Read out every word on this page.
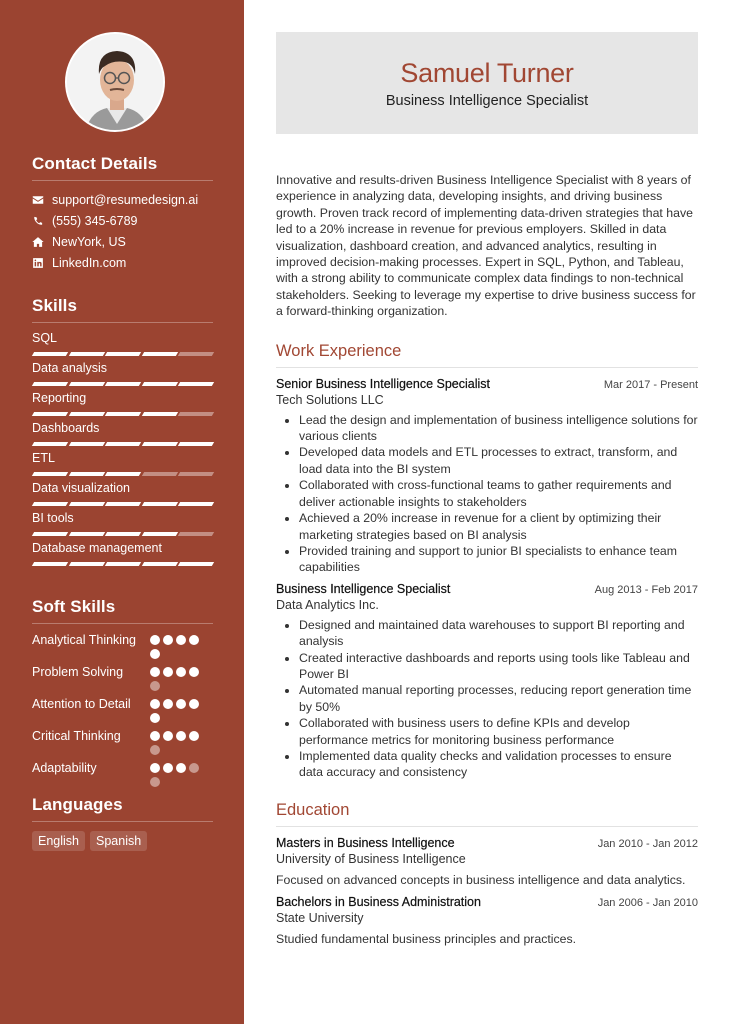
Contact Details
support@resumedesign.ai
(555) 345-6789
NewYork, US
LinkedIn.com
Skills
SQL
Data analysis
Reporting
Dashboards
ETL
Data visualization
BI tools
Database management
Soft Skills
Analytical Thinking
Problem Solving
Attention to Detail
Critical Thinking
Adaptability
Languages
English	Spanish
Samuel Turner
Business Intelligence Specialist

Innovative and results-driven Business Intelligence Specialist with 8 years of experience in analyzing data, developing insights, and driving business growth. Proven track record of implementing data-driven strategies that have led to a 20% increase in revenue for previous employers. Skilled in data visualization, dashboard creation, and advanced analytics, resulting in improved decision-making processes. Expert in SQL, Python, and Tableau, with a strong ability to communicate complex data findings to non-technical stakeholders. Seeking to leverage my expertise to drive business success for a forward-thinking organization.

Work Experience
Senior Business Intelligence Specialist	Mar 2017 - Present
Tech Solutions LLC
Lead the design and implementation of business intelligence solutions for various clients
Developed data models and ETL processes to extract, transform, and load data into the BI system
Collaborated with cross-functional teams to gather requirements and deliver actionable insights to stakeholders
Achieved a 20% increase in revenue for a client by optimizing their marketing strategies based on BI analysis
Provided training and support to junior BI specialists to enhance team capabilities
Business Intelligence Specialist	Aug 2013 - Feb 2017
Data Analytics Inc.
Designed and maintained data warehouses to support BI reporting and analysis
Created interactive dashboards and reports using tools like Tableau and Power BI
Automated manual reporting processes, reducing report generation time by 50%
Collaborated with business users to define KPIs and develop performance metrics for monitoring business performance
Implemented data quality checks and validation processes to ensure data accuracy and consistency
Education
Masters in Business Intelligence	Jan 2010 - Jan 2012
University of Business Intelligence

Focused on advanced concepts in business intelligence and data analytics.

Bachelors in Business Administration	Jan 2006 - Jan 2010
State University

Studied fundamental business principles and practices.
